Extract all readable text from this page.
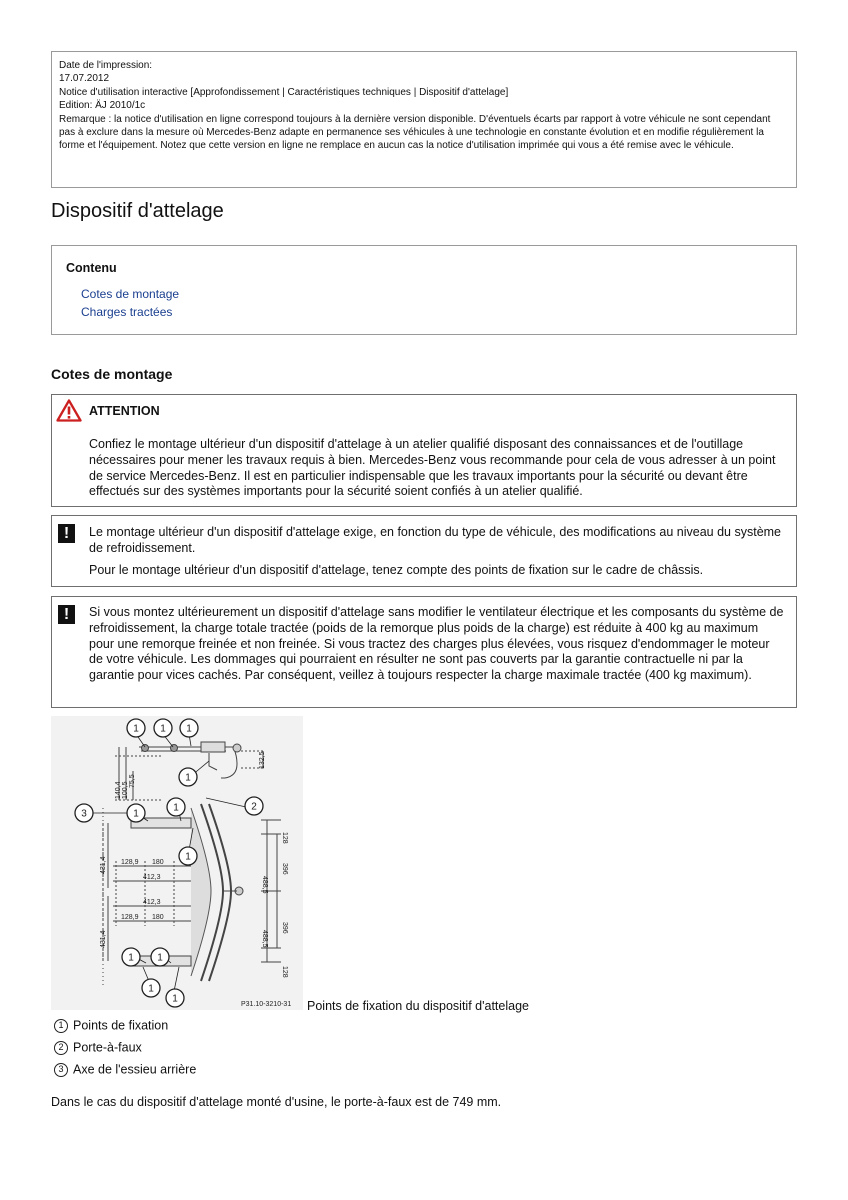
Date de l'impression:

17.07.2012

Notice d'utilisation interactive [Approfondissement | Caractéristiques techniques | Dispositif d'attelage]

Edition: ÄJ 2010/1c

Remarque : la notice d'utilisation en ligne correspond toujours à la dernière version disponible. D'éventuels écarts par rapport à votre véhicule ne sont cependant pas à exclure dans la mesure où Mercedes-Benz adapte en permanence ses véhicules à une technologie en constante évolution et en modifie régulièrement la forme et l'équipement. Notez que cette version en ligne ne remplace en aucun cas la notice d'utilisation imprimée qui vous a été remise avec le véhicule.

Dispositif d'attelage
Contenu
Cotes de montage
Charges tractées
Cotes de montage
ATTENTION
Confiez le montage ultérieur d'un dispositif d'attelage à un atelier qualifié disposant des connaissances et de l'outillage nécessaires pour mener les travaux requis à bien. Mercedes-Benz vous recommande pour cela de vous adresser à un point de service Mercedes-Benz. Il est en particulier indispensable que les travaux importants pour la sécurité ou devant être effectués sur des systèmes importants pour la sécurité soient confiés à un atelier qualifié.
!	Le montage ultérieur d'un dispositif d'attelage exige, en fonction du type de véhicule, des modifications au niveau du système de refroidissement.
Pour le montage ultérieur d'un dispositif d'attelage, tenez compte des points de fixation sur le cadre de châssis.
!	Si vous montez ultérieurement un dispositif d'attelage sans modifier le ventilateur électrique et les composants du système de refroidissement, la charge totale tractée (poids de la remorque plus poids de la charge) est réduite à 400 kg au maximum pour une remorque freinée et non freinée. Si vous tractez des charges plus élevées, vous risquez d'endommager le moteur de votre véhicule. Les dommages qui pourraient en résulter ne sont pas couverts par la garantie contractuelle ni par la garantie pour vices cachés. Par conséquent, veillez à toujours respecter la charge maximale tractée (400 kg maximum).
132,5
140,4 100,5
75,5
128
488,5
396
431,4 128,9 180
412,3
412,3
128,9 180
431,4
396
488,5
128
1 1 1
1
3	1
1	2
1
1 1
1
1	P31.10-3210-31 Points de fixation du dispositif d'attelage
1 Points de fixation
2 Porte-à-faux
3 Axe de l'essieu arrière
Dans le cas du dispositif d'attelage monté d'usine, le porte-à-faux est de 749 mm.
